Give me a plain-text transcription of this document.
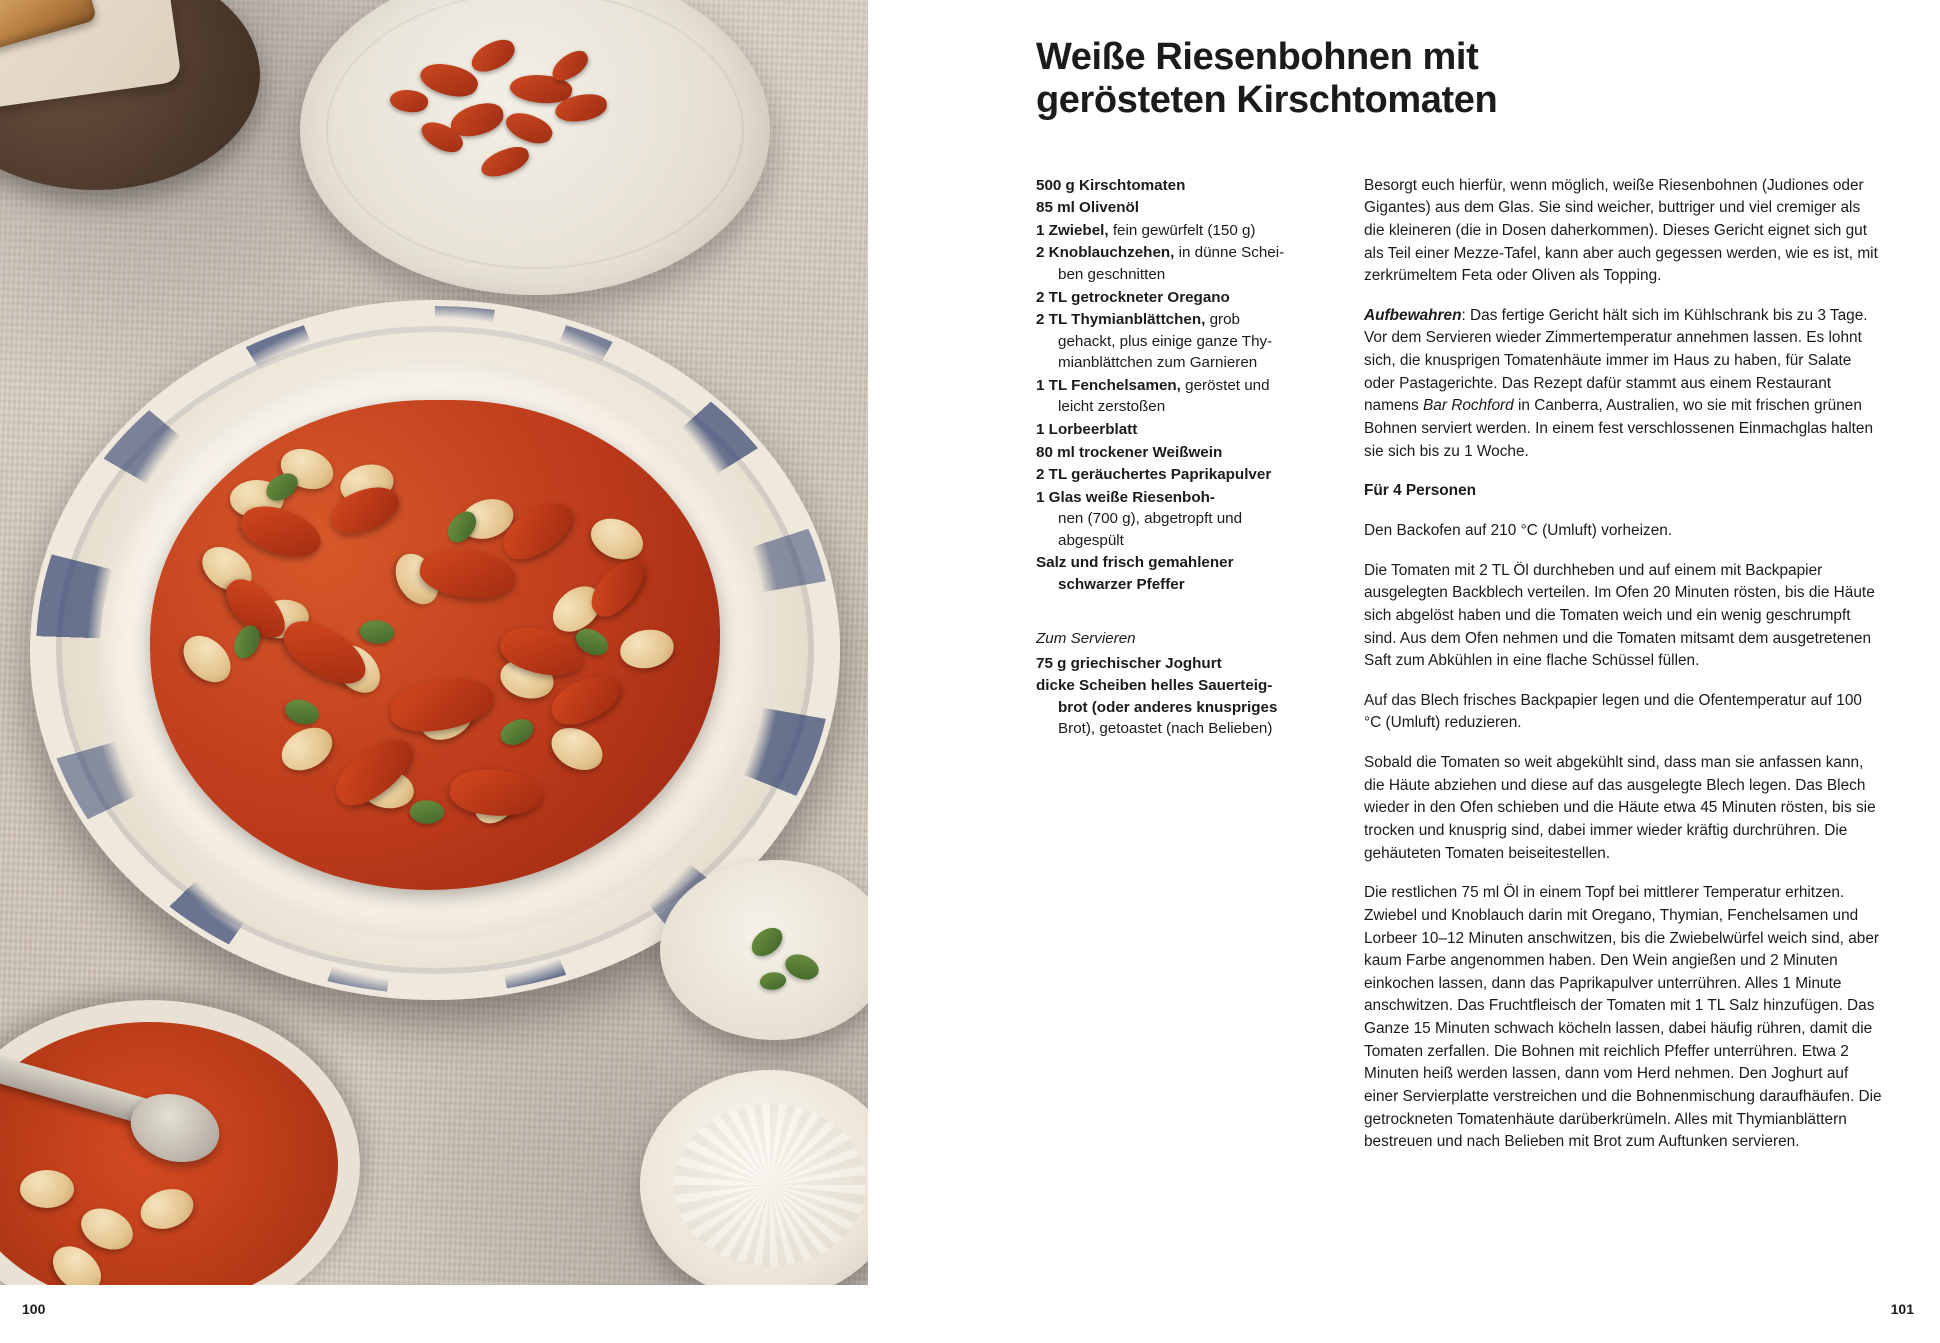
100
Weiße Riesenbohnen mit gerösteten Kirschtomaten
500 g Kirschtomaten
85 ml Olivenöl
1 Zwiebel, fein gewürfelt (150 g)
2 Knoblauchzehen, in dünne Schei-
ben geschnitten
2 TL getrockneter Oregano
2 TL Thymianblättchen, grob
gehackt, plus einige ganze Thy-
mianblättchen zum Garnieren
1 TL Fenchelsamen, geröstet und
leicht zerstoßen
1 Lorbeerblatt
80 ml trockener Weißwein
2 TL geräuchertes Paprikapulver
1 Glas weiße Riesenboh-
nen (700 g), abgetropft und
abgespült
Salz und frisch gemahlener
schwarzer Pfeffer
Zum Servieren
75 g griechischer Joghurt
dicke Scheiben helles Sauerteig-
brot (oder anderes knuspriges
Brot), getoastet (nach Belieben)

Besorgt euch hierfür, wenn möglich, weiße Riesenbohnen (Judiones oder Gigantes) aus dem Glas. Sie sind weicher, buttriger und viel cremiger als die kleineren (die in Dosen daherkommen). Dieses Gericht eignet sich gut als Teil einer Mezze-Tafel, kann aber auch gegessen werden, wie es ist, mit zerkrümeltem Feta oder Oliven als Topping.

Aufbewahren: Das fertige Gericht hält sich im Kühlschrank bis zu 3 Tage. Vor dem Servieren wieder Zimmertemperatur annehmen lassen. Es lohnt sich, die knusprigen Tomatenhäute immer im Haus zu haben, für Salate oder Pastagerichte. Das Rezept dafür stammt aus einem Restaurant namens Bar Rochford in Canberra, Australien, wo sie mit frischen grünen Bohnen serviert werden. In einem fest verschlossenen Einmachglas halten sie sich bis zu 1 Woche.

Für 4 Personen

Den Backofen auf 210 °C (Umluft) vorheizen.

Die Tomaten mit 2 TL Öl durchheben und auf einem mit Backpapier ausgelegten Backblech verteilen. Im Ofen 20 Minuten rösten, bis die Häute sich abgelöst haben und die Tomaten weich und ein wenig geschrumpft sind. Aus dem Ofen nehmen und die Tomaten mitsamt dem ausgetretenen Saft zum Abkühlen in eine flache Schüssel füllen.

Auf das Blech frisches Backpapier legen und die Ofentemperatur auf 100 °C (Umluft) reduzieren.

Sobald die Tomaten so weit abgekühlt sind, dass man sie anfassen kann, die Häute abziehen und diese auf das ausgelegte Blech legen. Das Blech wieder in den Ofen schieben und die Häute etwa 45 Minuten rösten, bis sie trocken und knusprig sind, dabei immer wieder kräftig durchrühren. Die gehäuteten Tomaten beiseitestellen.

Die restlichen 75 ml Öl in einem Topf bei mittlerer Temperatur erhitzen. Zwiebel und Knoblauch darin mit Oregano, Thymian, Fenchelsamen und Lorbeer 10–12 Minuten anschwitzen, bis die Zwiebelwürfel weich sind, aber kaum Farbe angenommen haben. Den Wein angießen und 2 Minuten einkochen lassen, dann das Paprikapulver unterrühren. Alles 1 Minute anschwitzen. Das Fruchtfleisch der Tomaten mit 1 TL Salz hinzufügen. Das Ganze 15 Minuten schwach köcheln lassen, dabei häufig rühren, damit die Tomaten zerfallen. Die Bohnen mit reichlich Pfeffer unterrühren. Etwa 2 Minuten heiß werden lassen, dann vom Herd nehmen. Den Joghurt auf einer Servierplatte verstreichen und die Bohnenmischung daraufhäufen. Die getrockneten Tomatenhäute darüberkrümeln. Alles mit Thymianblättern bestreuen und nach Belieben mit Brot zum Auftunken servieren.

101
